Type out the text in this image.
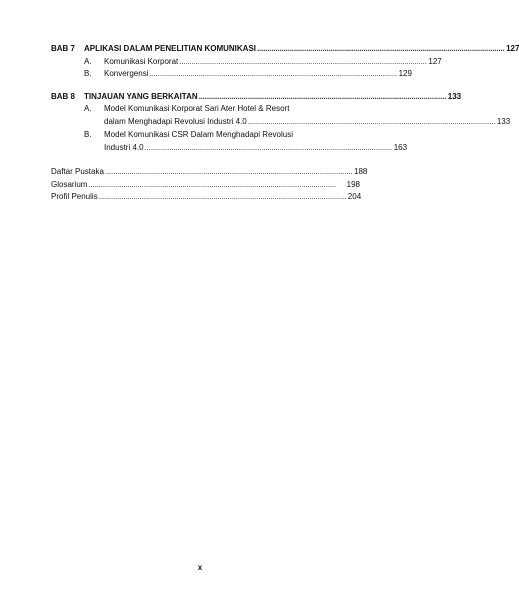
BAB 7	APLIKASI DALAM PENELITIAN KOMUNIKASI . . .	127
A.	Komunikasi Korporat . . .	127
B.	Konvergensi . . .	129
BAB 8	TINJAUAN YANG BERKAITAN . . .	133
A.	Model Komunikasi Korporat Sari Ater Hotel & Resort
dalam Menghadapi Revolusi Industri 4.0 . . .	133
B.	Model Komunikasi CSR Dalam Menghadapi Revolusi
Industri 4.0 . . .	163
Daftar Pustaka . . .	188
Glosarium . . .	198
Profil Penulis . . .	204
x
